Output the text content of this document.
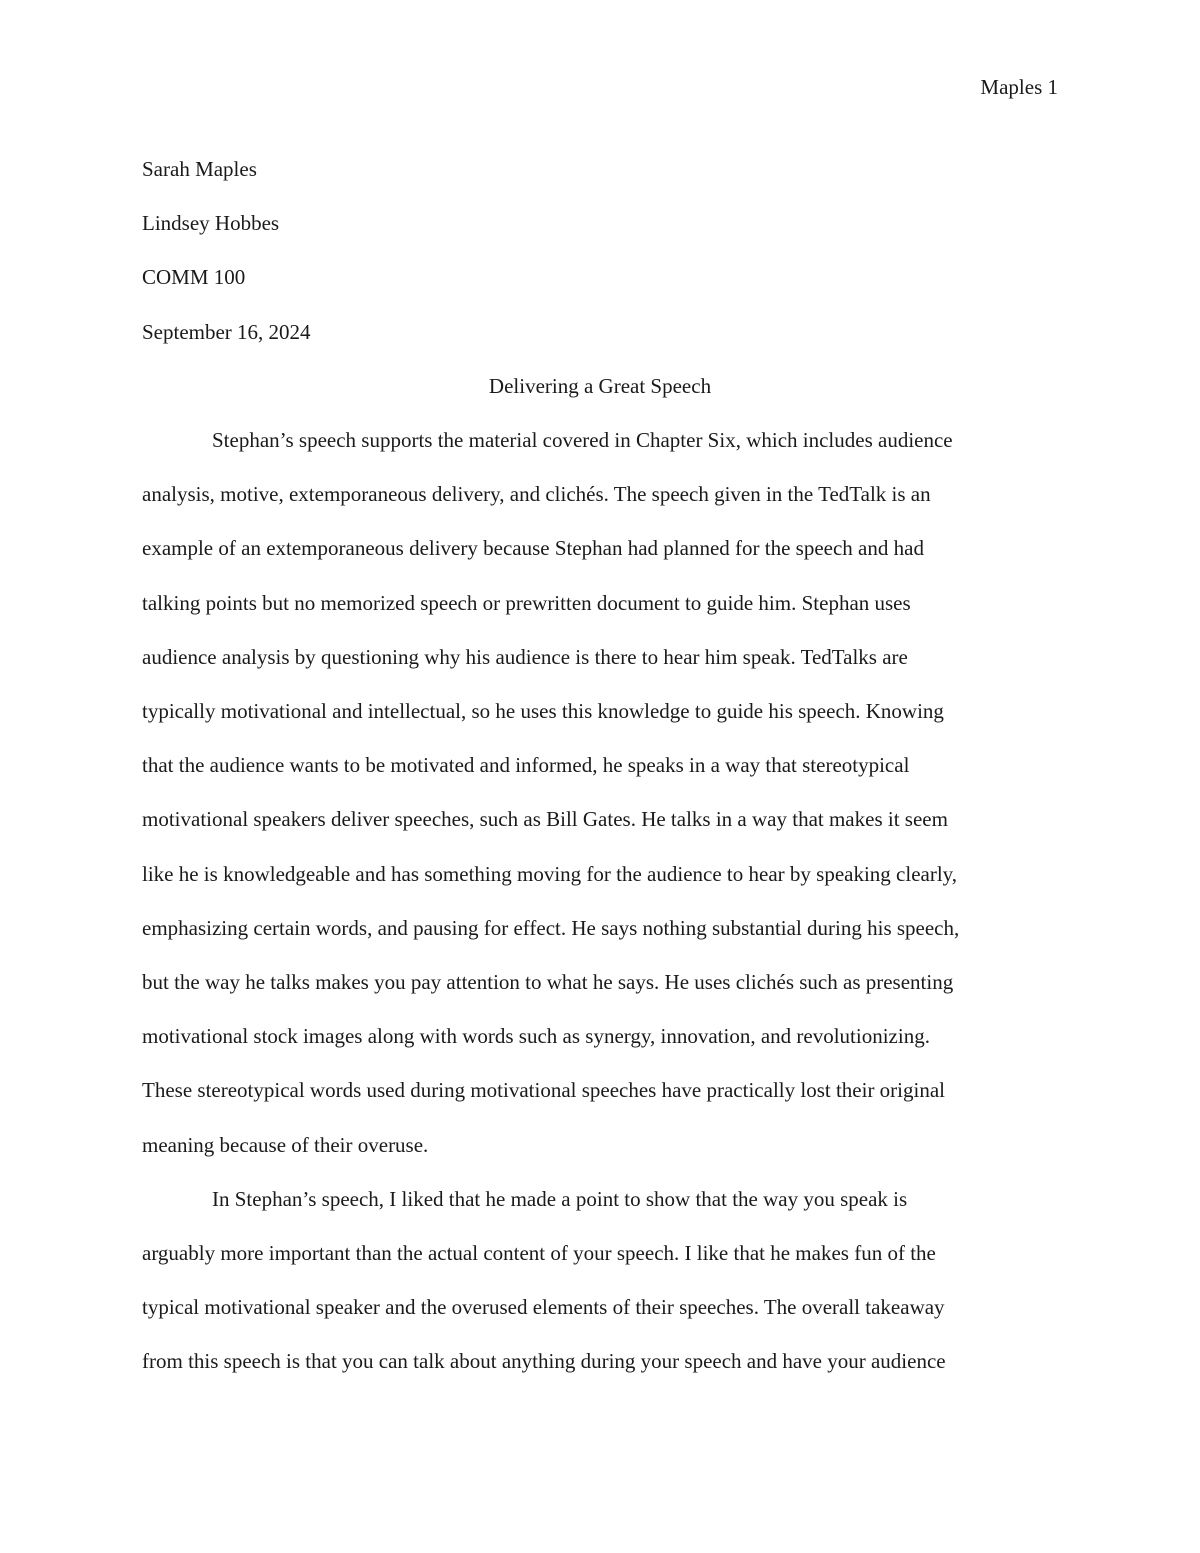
Maples 1
Sarah Maples
Lindsey Hobbes
COMM 100
September 16, 2024
Delivering a Great Speech
Stephan’s speech supports the material covered in Chapter Six, which includes audience
analysis, motive, extemporaneous delivery, and clichés. The speech given in the TedTalk is an
example of an extemporaneous delivery because Stephan had planned for the speech and had
talking points but no memorized speech or prewritten document to guide him. Stephan uses
audience analysis by questioning why his audience is there to hear him speak. TedTalks are
typically motivational and intellectual, so he uses this knowledge to guide his speech. Knowing
that the audience wants to be motivated and informed, he speaks in a way that stereotypical
motivational speakers deliver speeches, such as Bill Gates. He talks in a way that makes it seem
like he is knowledgeable and has something moving for the audience to hear by speaking clearly,
emphasizing certain words, and pausing for effect. He says nothing substantial during his speech,
but the way he talks makes you pay attention to what he says. He uses clichés such as presenting
motivational stock images along with words such as synergy, innovation, and revolutionizing.
These stereotypical words used during motivational speeches have practically lost their original
meaning because of their overuse.
In Stephan’s speech, I liked that he made a point to show that the way you speak is
arguably more important than the actual content of your speech. I like that he makes fun of the
typical motivational speaker and the overused elements of their speeches. The overall takeaway
from this speech is that you can talk about anything during your speech and have your audience
